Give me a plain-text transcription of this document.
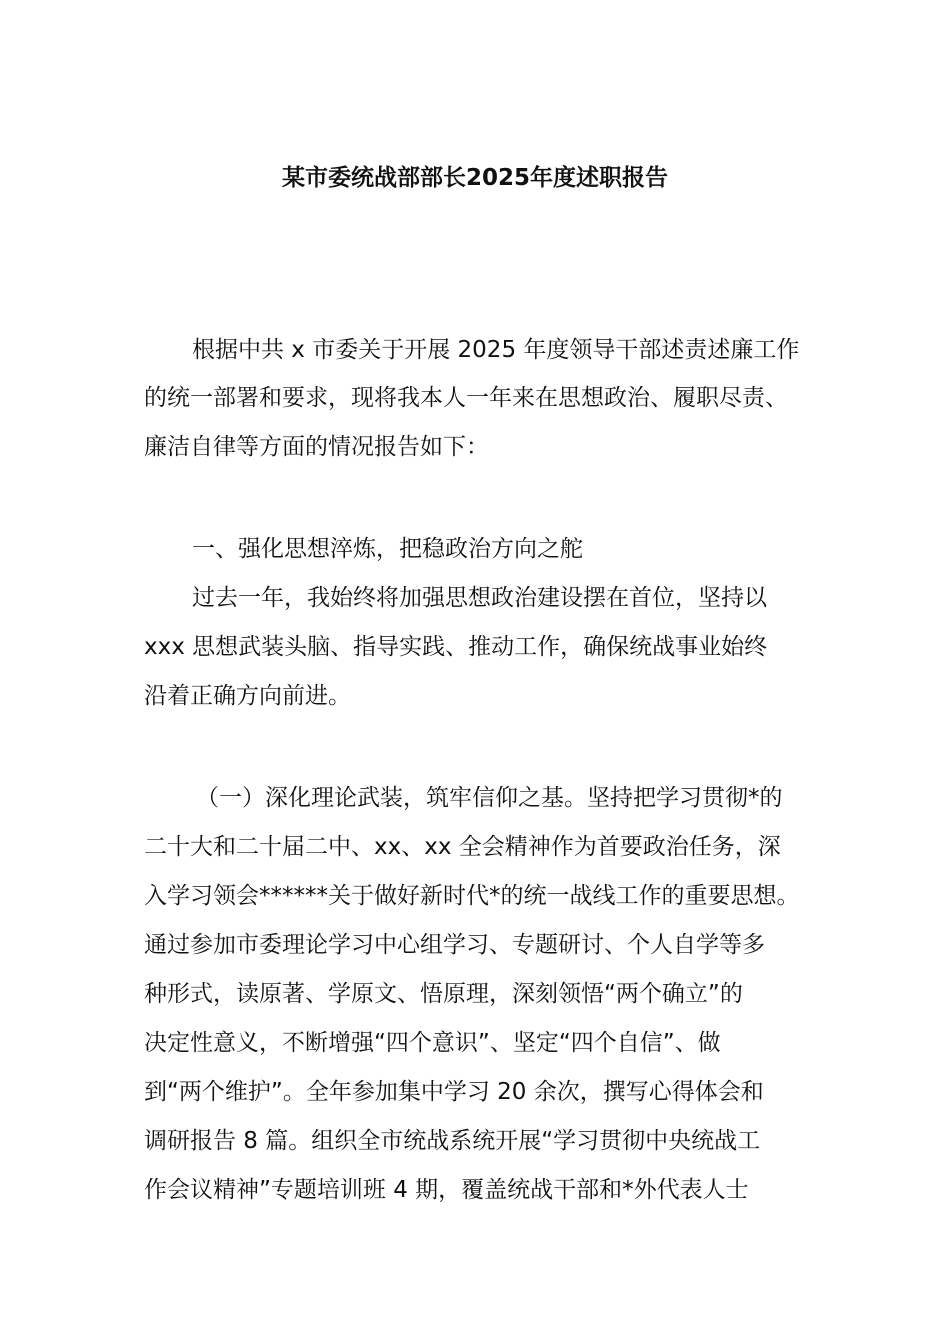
某市委统战部部长2025年度述职报告
根据中共 x 市委关于开展 2025 年度领导干部述责述廉工作
的统一部署和要求，现将我本人一年来在思想政治、履职尽责、
廉洁自律等方面的情况报告如下：
一、强化思想淬炼，把稳政治方向之舵
过去一年，我始终将加强思想政治建设摆在首位，坚持以
xxx 思想武装头脑、指导实践、推动工作，确保统战事业始终
沿着正确方向前进。
（一）深化理论武装，筑牢信仰之基。坚持把学习贯彻*的
二十大和二十届二中、xx、xx 全会精神作为首要政治任务，深
入学习领会******关于做好新时代*的统一战线工作的重要思想。
通过参加市委理论学习中心组学习、专题研讨、个人自学等多
种形式，读原著、学原文、悟原理，深刻领悟“两个确立”的
决定性意义，不断增强“四个意识”、坚定“四个自信”、做
到“两个维护”。全年参加集中学习 20 余次，撰写心得体会和
调研报告 8 篇。组织全市统战系统开展“学习贯彻中央统战工
作会议精神”专题培训班 4 期，覆盖统战干部和*外代表人士
